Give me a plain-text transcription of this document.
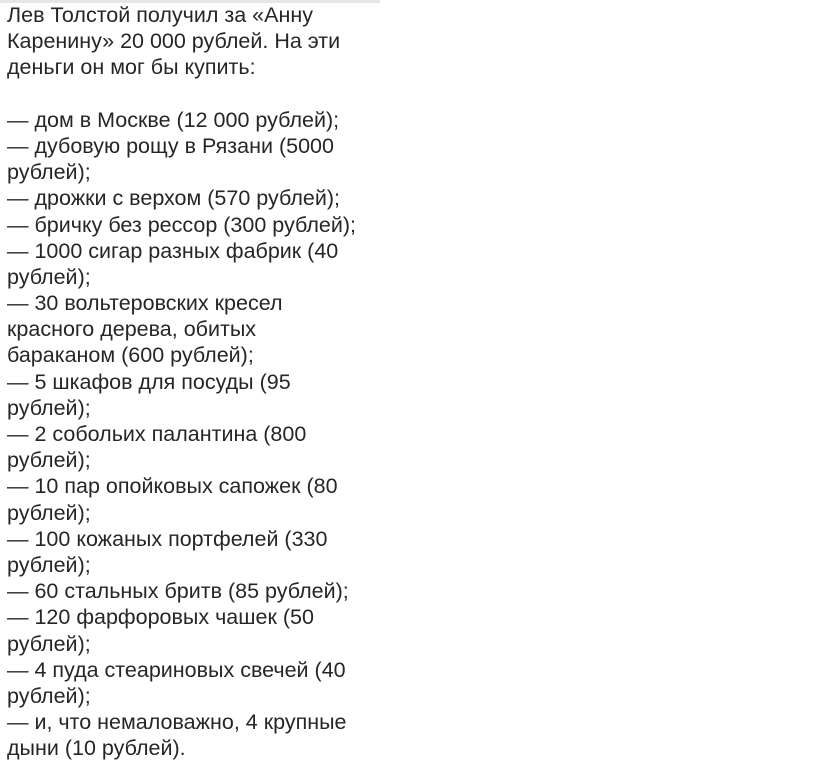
Лев Толстой получил за «Анну
Каренину» 20 000 рублей. На эти
деньги он мог бы купить:
— дом в Москве (12 000 рублей);
— дубовую рощу в Рязани (5000
рублей);
— дрожки с верхом (570 рублей);
— бричку без рессор (300 рублей);
— 1000 сигар разных фабрик (40
рублей);
— 30 вольтеровских кресел
красного дерева, обитых
бараканом (600 рублей);
— 5 шкафов для посуды (95
рублей);
— 2 собольих палантина (800
рублей);
— 10 пар опойковых сапожек (80
рублей);
— 100 кожаных портфелей (330
рублей);
— 60 стальных бритв (85 рублей);
— 120 фарфоровых чашек (50
рублей);
— 4 пуда стеариновых свечей (40
рублей);
— и, что немаловажно, 4 крупные
дыни (10 рублей).
